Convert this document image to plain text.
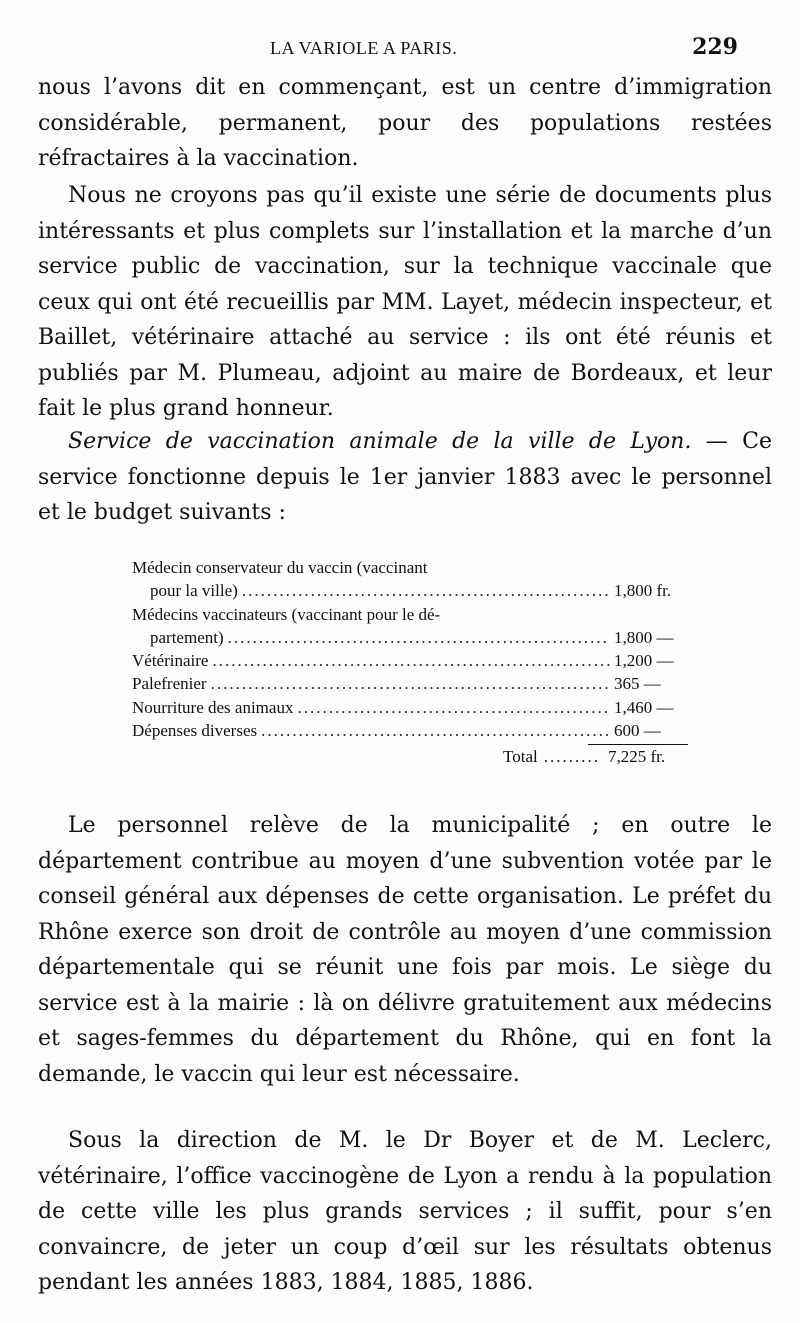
LA VARIOLE A PARIS.	229

nous l’avons dit en commençant, est un centre d’immigration considérable, permanent, pour des populations restées réfractaires à la vaccination.

Nous ne croyons pas qu’il existe une série de documents plus intéressants et plus complets sur l’installation et la marche d’un service public de vaccination, sur la technique vaccinale que ceux qui ont été recueillis par MM. Layet, médecin inspecteur, et Baillet, vétérinaire attaché au service : ils ont été réunis et publiés par M. Plumeau, adjoint au maire de Bordeaux, et leur fait le plus grand honneur.

Service de vaccination animale de la ville de Lyon. — Ce service fonctionne depuis le 1er janvier 1883 avec le personnel et le budget suivants :

Médecin conservateur du vaccin (vaccinant
pour la ville) .....	1,800 fr.
Médecins vaccinateurs (vaccinant pour le dé-
partement) .....	1,800 —
Vétérinaire .....	1,200 —
Palefrenier .....	365 —
Nourriture des animaux .....	1,460 —
Dépenses diverses .....	600 —
Total ......... 7,225 fr.

Le personnel relève de la municipalité ; en outre le département contribue au moyen d’une subvention votée par le conseil général aux dépenses de cette organisation. Le préfet du Rhône exerce son droit de contrôle au moyen d’une commission départementale qui se réunit une fois par mois. Le siège du service est à la mairie : là on délivre gratuitement aux médecins et sages-femmes du département du Rhône, qui en font la demande, le vaccin qui leur est nécessaire.

Sous la direction de M. le Dr Boyer et de M. Leclerc, vétérinaire, l’office vaccinogène de Lyon a rendu à la population de cette ville les plus grands services ; il suffit, pour s’en convaincre, de jeter un coup d’œil sur les résultats obtenus pendant les années 1883, 1884, 1885, 1886.
